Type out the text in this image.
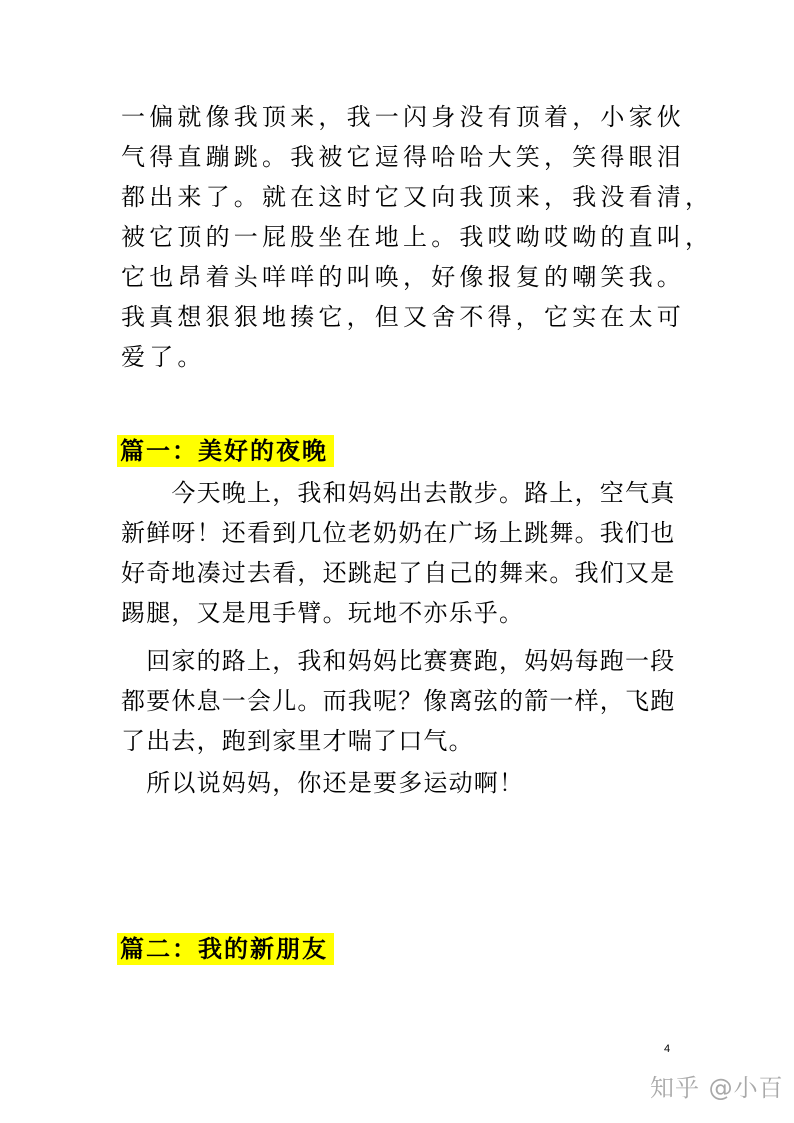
一偏就像我顶来，我一闪身没有顶着，小家伙
气得直蹦跳。我被它逗得哈哈大笑，笑得眼泪
都出来了。就在这时它又向我顶来，我没看清，
被它顶的一屁股坐在地上。我哎呦哎呦的直叫，
它也昂着头咩咩的叫唤，好像报复的嘲笑我。
我真想狠狠地揍它，但又舍不得，它实在太可
爱了。
篇一：美好的夜晚
　　今天晚上，我和妈妈出去散步。路上，空气真
新鲜呀！还看到几位老奶奶在广场上跳舞。我们也
好奇地凑过去看，还跳起了自己的舞来。我们又是
踢腿，又是甩手臂。玩地不亦乐乎。
　回家的路上，我和妈妈比赛赛跑，妈妈每跑一段
都要休息一会儿。而我呢？像离弦的箭一样，飞跑
了出去，跑到家里才喘了口气。
　所以说妈妈，你还是要多运动啊！
篇二：我的新朋友
4
知乎 @小百
